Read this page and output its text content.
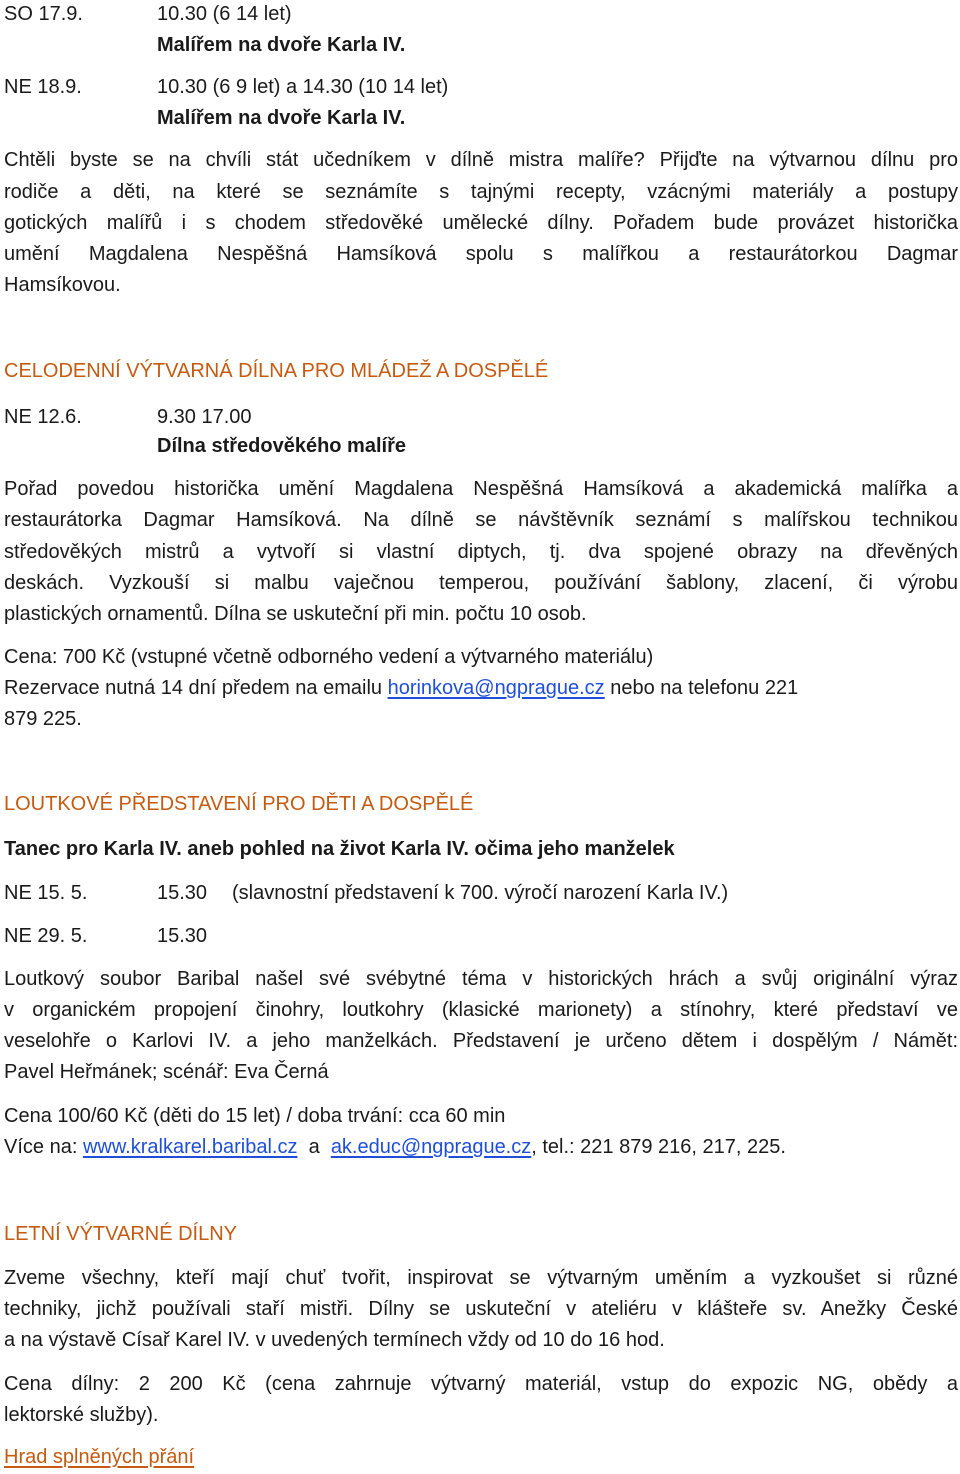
SO 17.9.	10.30 (6 14 let)
Malířem na dvoře Karla IV.
NE 18.9.	10.30 (6 9 let) a 14.30 (10 14 let)
Malířem na dvoře Karla IV.
Chtěli byste se na chvíli stát učedníkem v dílně mistra malíře? Přijďte na výtvarnou dílnu pro
rodiče a děti, na které se seznámíte s tajnými recepty, vzácnými materiály a postupy
gotických malířů i s chodem středověké umělecké dílny. Pořadem bude provázet historička
umění Magdalena Nespěšná Hamsíková spolu s malířkou a restaurátorkou Dagmar
Hamsíkovou.
CELODENNÍ VÝTVARNÁ DÍLNA PRO MLÁDEŽ A DOSPĚLÉ
NE 12.6.	9.30 17.00
Dílna středověkého malíře
Pořad povedou historička umění Magdalena Nespěšná Hamsíková a akademická malířka a
restaurátorka Dagmar Hamsíková. Na dílně se návštěvník seznámí s malířskou technikou
středověkých mistrů a vytvoří si vlastní diptych, tj. dva spojené obrazy na dřevěných
deskách. Vyzkouší si malbu vaječnou temperou, používání šablony, zlacení, či výrobu
plastických ornamentů. Dílna se uskuteční při min. počtu 10 osob.
Cena: 700 Kč (vstupné včetně odborného vedení a výtvarného materiálu)
Rezervace nutná 14 dní předem na emailu horinkova@ngprague.cz nebo na telefonu 221
879 225.
LOUTKOVÉ PŘEDSTAVENÍ PRO DĚTI A DOSPĚLÉ
Tanec pro Karla IV. aneb pohled na život Karla IV. očima jeho manželek
NE 15. 5.	15.30 (slavnostní představení k 700. výročí narození Karla IV.)
NE 29. 5.	15.30
Loutkový soubor Baribal našel své svébytné téma v historických hrách a svůj originální výraz
v organickém propojení činohry, loutkohry (klasické marionety) a stínohry, které představí ve
veselohře o Karlovi IV. a jeho manželkách. Představení je určeno dětem i dospělým / Námět:
Pavel Heřmánek; scénář: Eva Černá
Cena 100/60 Kč (děti do 15 let) / doba trvání: cca 60 min
Více na: www.kralkarel.baribal.cz  a  ak.educ@ngprague.cz, tel.: 221 879 216, 217, 225.
LETNÍ VÝTVARNÉ DÍLNY
Zveme všechny, kteří mají chuť tvořit, inspirovat se výtvarným uměním a vyzkoušet si různé
techniky, jichž používali staří mistři. Dílny se uskuteční v ateliéru v klášteře sv. Anežky České
a na výstavě Císař Karel IV. v uvedených termínech vždy od 10 do 16 hod.
Cena dílny: 2 200 Kč (cena zahrnuje výtvarný materiál, vstup do expozic NG, obědy a
lektorské služby).
Hrad splněných přání
